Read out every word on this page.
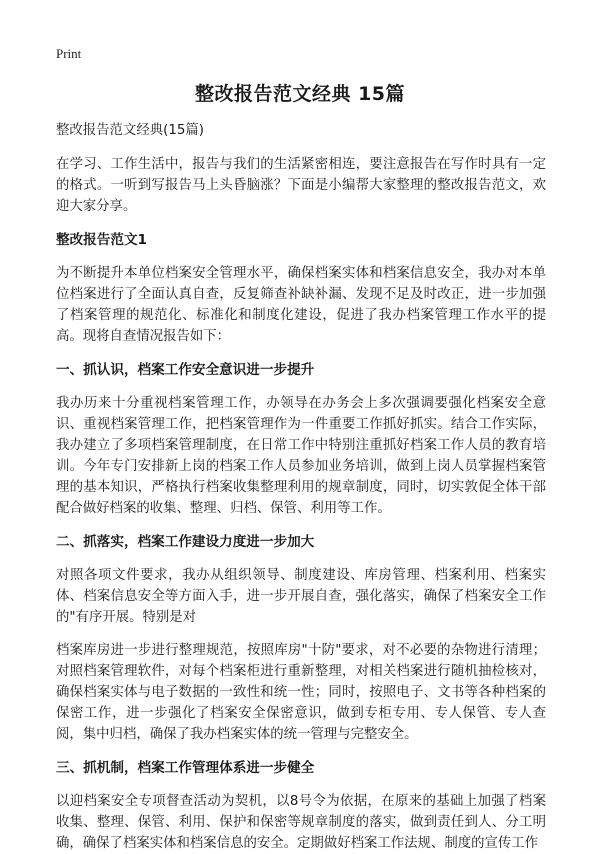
Print
整改报告范文经典 15篇

整改报告范文经典(15篇)

在学习、工作生活中，报告与我们的生活紧密相连，要注意报告在写作时具有一定的格式。一听到写报告马上头昏脑涨？下面是小编帮大家整理的整改报告范文，欢迎大家分享。

整改报告范文1

为不断提升本单位档案安全管理水平，确保档案实体和档案信息安全，我办对本单位档案进行了全面认真自查，反复筛查补缺补漏、发现不足及时改正，进一步加强了档案管理的规范化、标准化和制度化建设，促进了我办档案管理工作水平的提高。现将自查情况报告如下：

一、抓认识，档案工作安全意识进一步提升

我办历来十分重视档案管理工作，办领导在办务会上多次强调要强化档案安全意识、重视档案管理工作，把档案管理作为一件重要工作抓好抓实。结合工作实际，我办建立了多项档案管理制度，在日常工作中特别注重抓好档案工作人员的教育培训。今年专门安排新上岗的档案工作人员参加业务培训，做到上岗人员掌握档案管理的基本知识，严格执行档案收集整理利用的规章制度，同时，切实敦促全体干部配合做好档案的收集、整理、归档、保管、利用等工作。

二、抓落实，档案工作建设力度进一步加大

对照各项文件要求，我办从组织领导、制度建设、库房管理、档案利用、档案实体、档案信息安全等方面入手，进一步开展自查，强化落实，确保了档案安全工作的"有序开展。特别是对

档案库房进一步进行整理规范，按照库房"十防"要求，对不必要的杂物进行清理；对照档案管理软件，对每个档案柜进行重新整理，对相关档案进行随机抽检核对，确保档案实体与电子数据的一致性和统一性；同时，按照电子、文书等各种档案的保密工作，进一步强化了档案安全保密意识，做到专柜专用、专人保管、专人查阅，集中归档，确保了我办档案实体的统一管理与完整安全。

三、抓机制，档案工作管理体系进一步健全

以迎档案安全专项督查活动为契机，以8号令为依据，在原来的基础上加强了档案收集、整理、保管、利用、保护和保密等规章制度的落实，做到责任到人、分工明确，确保了档案实体和档案信息的安全。定期做好档案工作法规、制度的宣传工作
